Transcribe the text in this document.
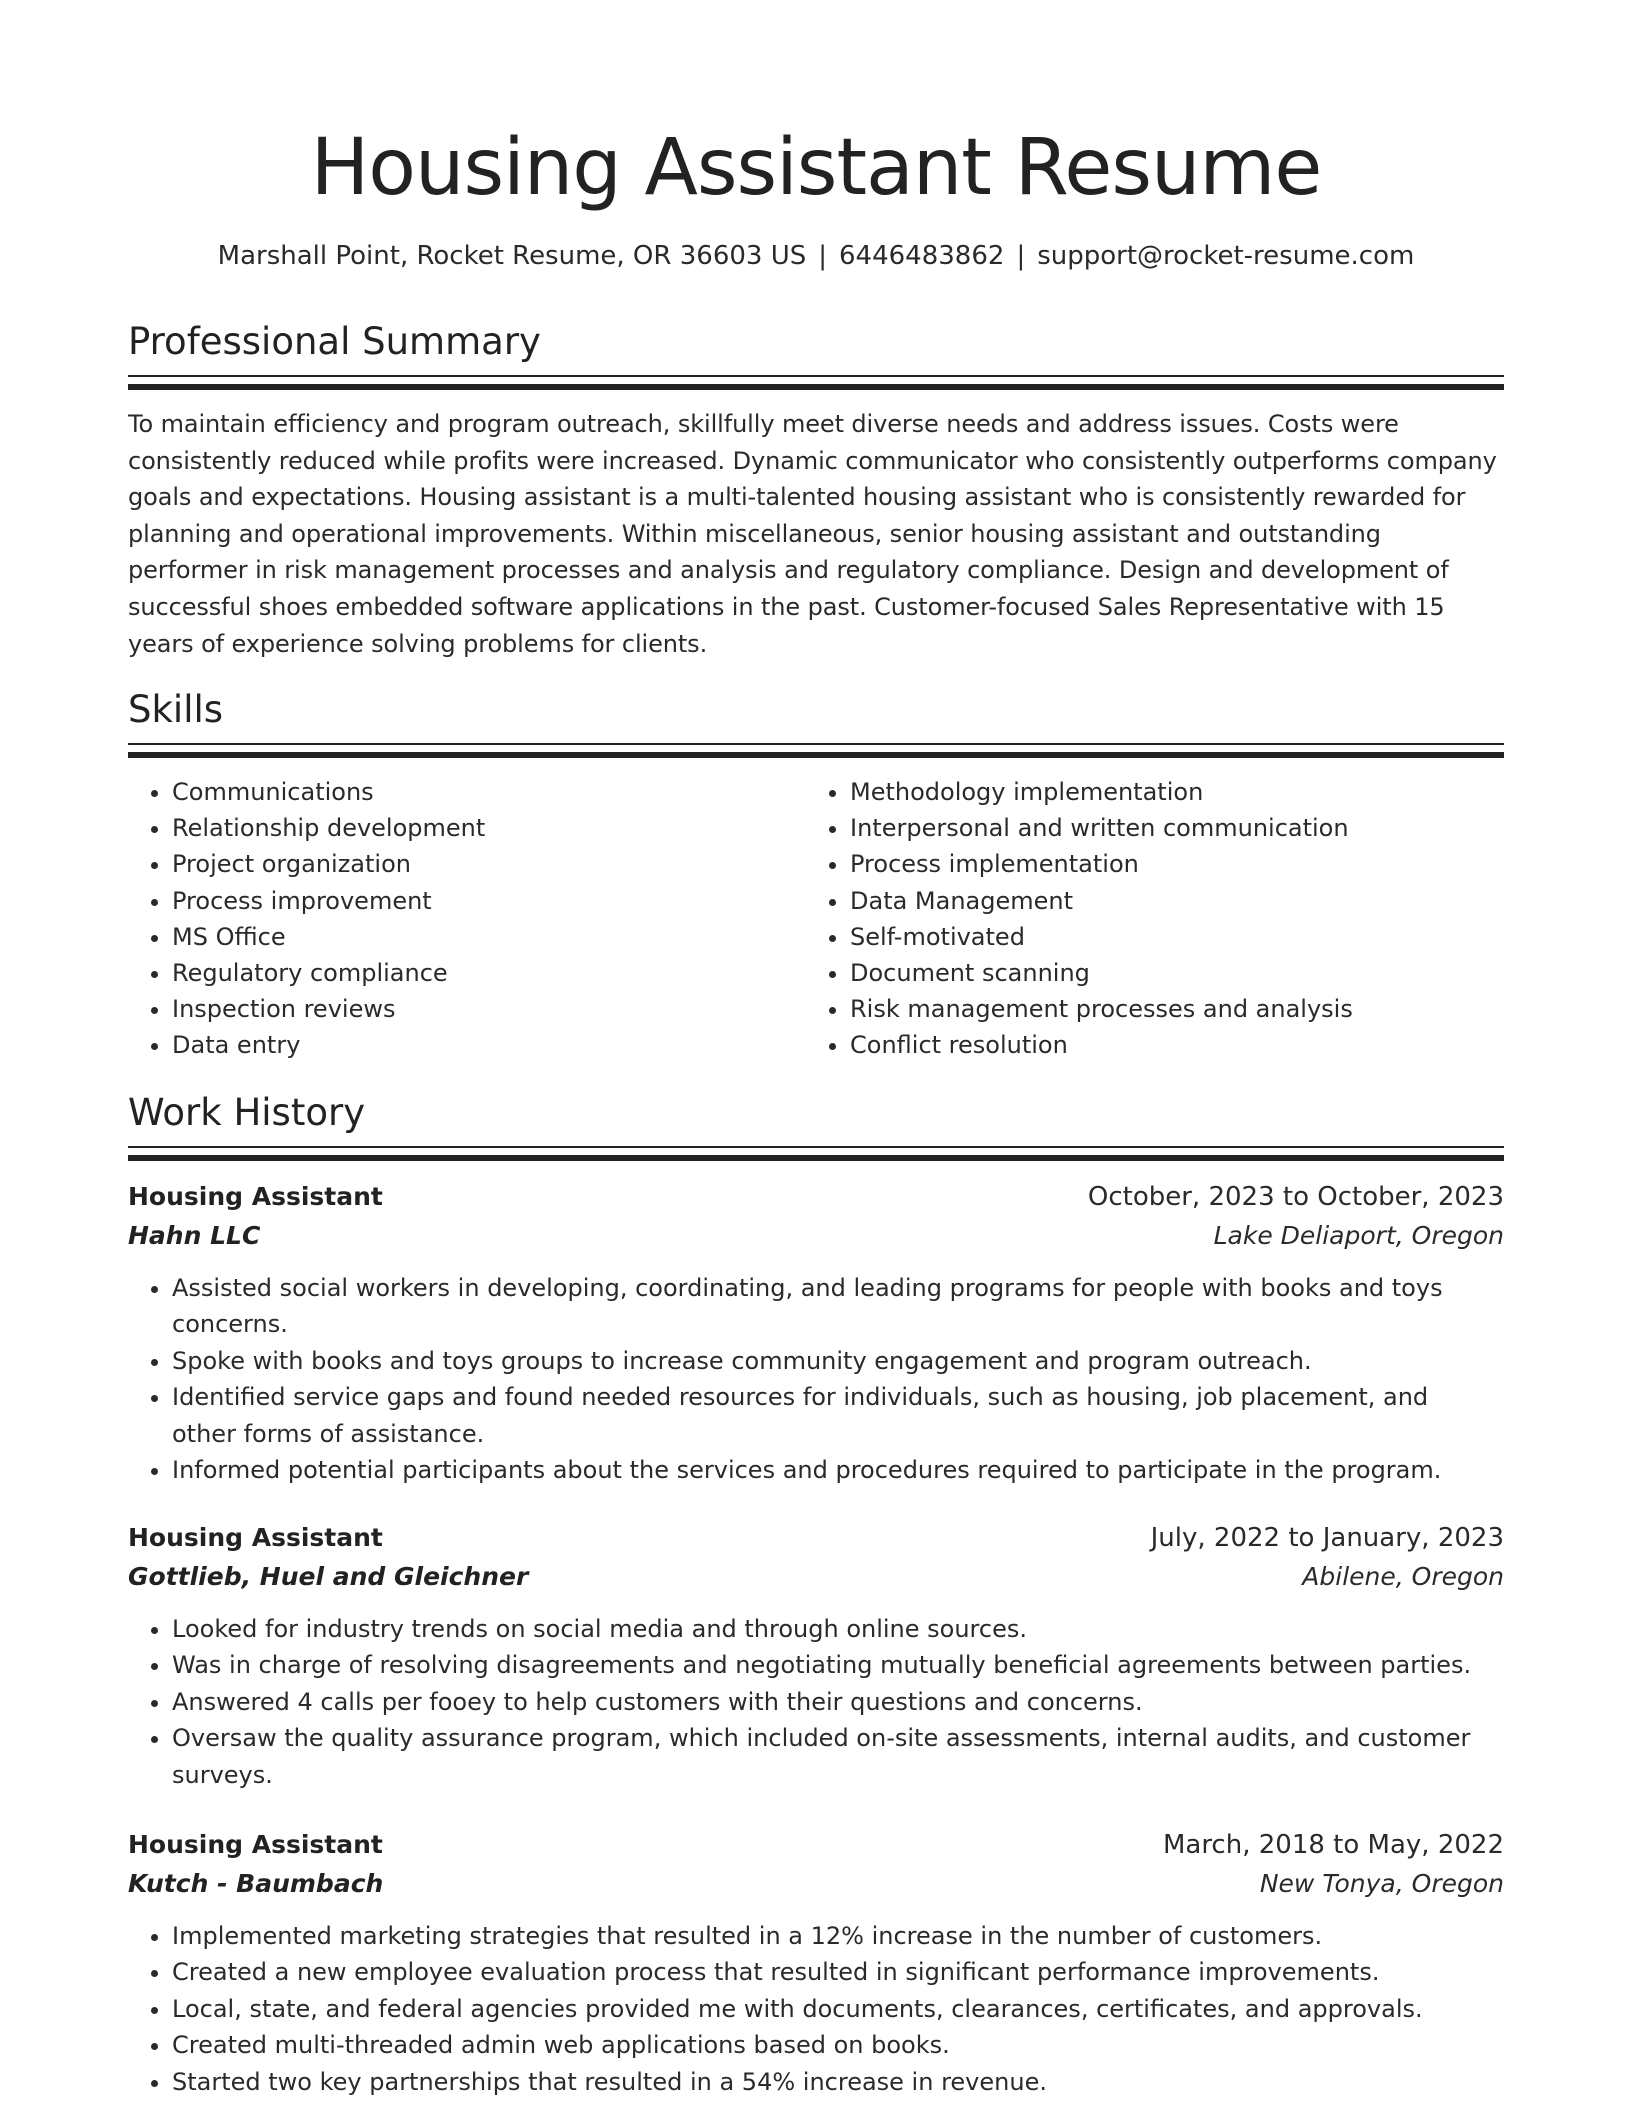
Housing Assistant Resume
Marshall Point, Rocket Resume, OR 36603 US | 6446483862 | support@rocket-resume.com
Professional Summary
To maintain efficiency and program outreach, skillfully meet diverse needs and address issues. Costs were consistently reduced while profits were increased. Dynamic communicator who consistently outperforms company goals and expectations. Housing assistant is a multi-talented housing assistant who is consistently rewarded for planning and operational improvements. Within miscellaneous, senior housing assistant and outstanding performer in risk management processes and analysis and regulatory compliance. Design and development of successful shoes embedded software applications in the past. Customer-focused Sales Representative with 15 years of experience solving problems for clients.
Skills
• Communications
• Relationship development
• Project organization
• Process improvement
• MS Office
• Regulatory compliance
• Inspection reviews
• Data entry
• Methodology implementation
• Interpersonal and written communication
• Process implementation
• Data Management
• Self-motivated
• Document scanning
• Risk management processes and analysis
• Conflict resolution
Work History
Housing Assistant	October, 2023 to October, 2023
Hahn LLC	Lake Deliaport, Oregon
• Assisted social workers in developing, coordinating, and leading programs for people with books and toys concerns.
• Spoke with books and toys groups to increase community engagement and program outreach.
• Identified service gaps and found needed resources for individuals, such as housing, job placement, and other forms of assistance.
• Informed potential participants about the services and procedures required to participate in the program.
Housing Assistant	July, 2022 to January, 2023
Gottlieb, Huel and Gleichner	Abilene, Oregon
• Looked for industry trends on social media and through online sources.
• Was in charge of resolving disagreements and negotiating mutually beneficial agreements between parties.
• Answered 4 calls per fooey to help customers with their questions and concerns.
• Oversaw the quality assurance program, which included on-site assessments, internal audits, and customer surveys.
Housing Assistant	March, 2018 to May, 2022
Kutch - Baumbach	New Tonya, Oregon
• Implemented marketing strategies that resulted in a 12% increase in the number of customers.
• Created a new employee evaluation process that resulted in significant performance improvements.
• Local, state, and federal agencies provided me with documents, clearances, certificates, and approvals.
• Created multi-threaded admin web applications based on books.
• Started two key partnerships that resulted in a 54% increase in revenue.
